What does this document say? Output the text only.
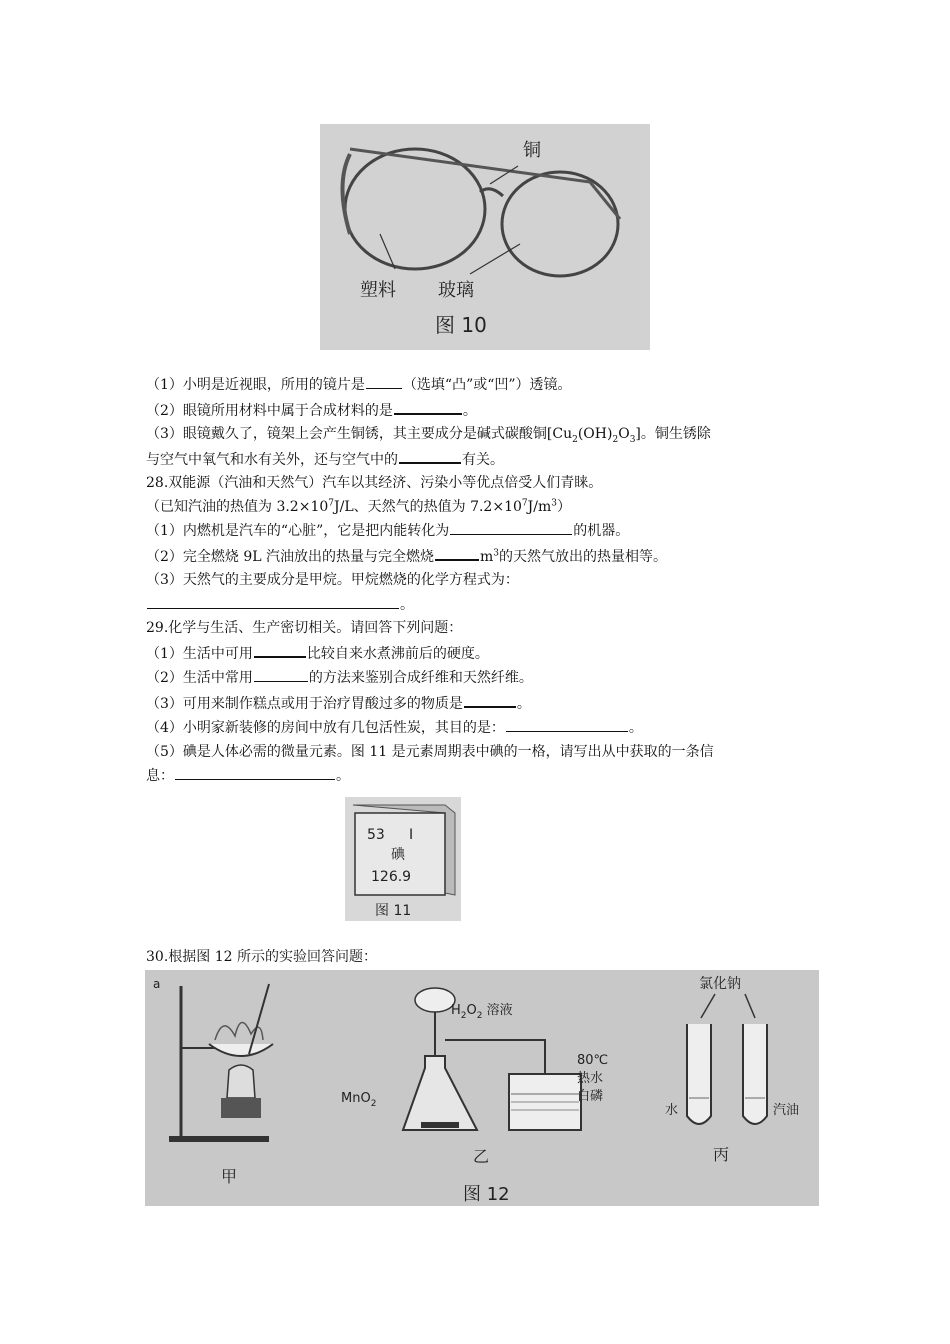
铜
塑料 玻璃
图 10
（1）小明是近视眼，所用的镜片是	（选填“凸”或“凹”）透镜。
（2）眼镜所用材料中属于合成材料的是	。
（3）眼镜戴久了，镜架上会产生铜锈，其主要成分是碱式碳酸铜$[Cu_2(OH)_2O_3]$。铜生锈除
与空气中氧气和水有关外，还与空气中的	有关。
28.双能源（汽油和天然气）汽车以其经济、污染小等优点倍受人们青睐。
（已知汽油的热值为 $3.2\times 10^7J/L$、天然气的热值为 $7.2\times 10^7J/m^3$）
（1）内燃机是汽车的“心脏”，它是把内能转化为	的机器。
（2）完全燃烧 9L 汽油放出的热量与完全燃烧	$m^3$的天然气放出的热量相等。
（3）天然气的主要成分是甲烷。甲烷燃烧的化学方程式为：
。
29.化学与生活、生产密切相关。请回答下列问题：
（1）生活中可用	比较自来水煮沸前后的硬度。
（2）生活中常用	的方法来鉴别合成纤维和天然纤维。
（3）可用来制作糕点或用于治疗胃酸过多的物质是	。
（4）小明家新装修的房间中放有几包活性炭，其目的是：	。
（5）碘是人体必需的微量元素。图 11 是元素周期表中碘的一格，请写出从中获取的一条信
息：	。
53 I
碘
126.9
图 11
30.根据图 12 所示的实验回答问题：
a
甲
$H_2O_2$ 溶液
MnO$_2$
80℃
热水
白磷
乙
氯化钠
水	汽油
丙
图 12
